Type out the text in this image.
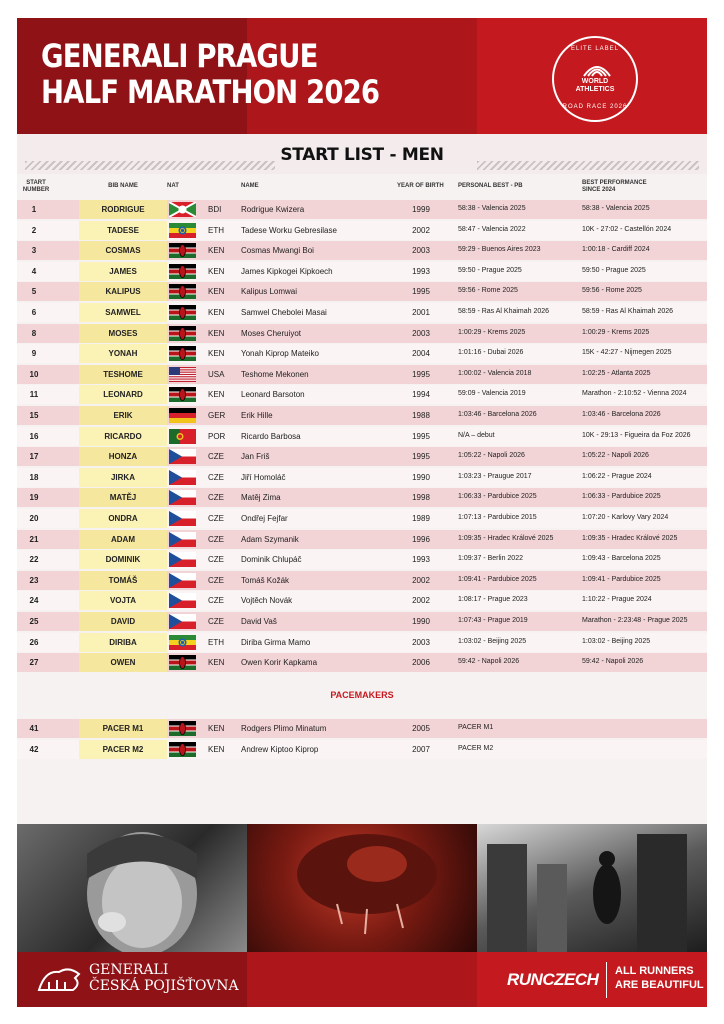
GENERALI PRAGUE
HALF MARATHON 2026
ELITE LABEL
WORLD
ATHLETICS
ROAD RACE 2026
START LIST - MEN
START
NUMBER
BIB NAME	NAT	NAME	YEAR OF BIRTH PERSONAL BEST - PB	BEST PERFORMANCE
SINCE 2024
1	RODRIGUE	BDI Rodrigue Kwizera	1999	58:38 - Valencia 2025	58:38 - Valencia 2025
2	TADESE	ETH Tadese Worku Gebresilase	2002	58:47 - Valencia 2022	10K - 27:02 - Castellón 2024
3	COSMAS	KEN Cosmas Mwangi Boi	2003	59:29 - Buenos Aires 2023	1:00:18 - Cardiff 2024
4	JAMES	KEN James Kipkogei Kipkoech	1993	59:50 - Prague 2025	59:50 - Prague 2025
5	KALIPUS	KEN Kalipus Lomwai	1995	59:56 - Rome 2025	59:56 - Rome 2025
6	SAMWEL	KEN Samwel Chebolei Masai	2001	58:59 - Ras Al Khaimah 2026	58:59 - Ras Al Khaimah 2026
8	MOSES	KEN Moses Cheruiyot	2003	1:00:29 - Krems 2025	1:00:29 - Krems 2025
9	YONAH	KEN Yonah Kiprop Mateiko	2004	1:01:16 - Dubai 2026	15K - 42:27 - Nijmegen 2025
10	TESHOME	USA Teshome Mekonen	1995	1:00:02 - Valencia 2018	1:02:25 - Atlanta 2025
11	LEONARD	KEN Leonard Barsoton	1994	59:09 - Valencia 2019	Marathon - 2:10:52 - Vienna 2024
15	ERIK	GER Erik Hille	1988	1:03:46 - Barcelona 2026	1:03:46 - Barcelona 2026
16	RICARDO	POR Ricardo Barbosa	1995	N/A – debut	10K - 29:13 - Figueira da Foz 2026
17	HONZA	CZE Jan Friš	1995	1:05:22 - Napoli 2026	1:05:22 - Napoli 2026
18	JIRKA	CZE Jiří Homoláč	1990	1:03:23 - Praugue 2017	1:06:22 - Prague 2024
19	MATĚJ	CZE Matěj Zima	1998	1:06:33 - Pardubice 2025	1:06:33 - Pardubice 2025
20	ONDRA	CZE Ondřej Fejfar	1989	1:07:13 - Pardubice 2015	1:07:20 - Karlovy Vary 2024
21	ADAM	CZE Adam Szymanik	1996	1:09:35 - Hradec Králové 2025	1:09:35 - Hradec Králové 2025
22	DOMINIK	CZE Dominik Chlupáč	1993	1:09:37 - Berlin 2022	1:09:43 - Barcelona 2025
23	TOMÁŠ	CZE Tomáš Kožák	2002	1:09:41 - Pardubice 2025	1:09:41 - Pardubice 2025
24	VOJTA	CZE Vojtěch Novák	2002	1:08:17 - Prague 2023	1:10:22 - Prague 2024
25	DAVID	CZE David Vaš	1990	1:07:43 - Prague 2019	Marathon - 2:23:48 - Prague 2025
26	DIRIBA	ETH Diriba Girma Mamo	2003	1:03:02 - Beijing 2025	1:03:02 - Beijing 2025
27	OWEN	KEN Owen Korir Kapkama	2006	59:42 - Napoli 2026	59:42 - Napoli 2026
PACEMAKERS
41	PACER M1	KEN Rodgers Plimo Minatum	2005	PACER M1
42	PACER M2	KEN Andrew Kiptoo Kiprop	2007	PACER M2
GENERALI
ČESKÁ POJIŠŤOVNA	RUNCZECH ALL RUNNERS
ARE BEAUTIFUL
